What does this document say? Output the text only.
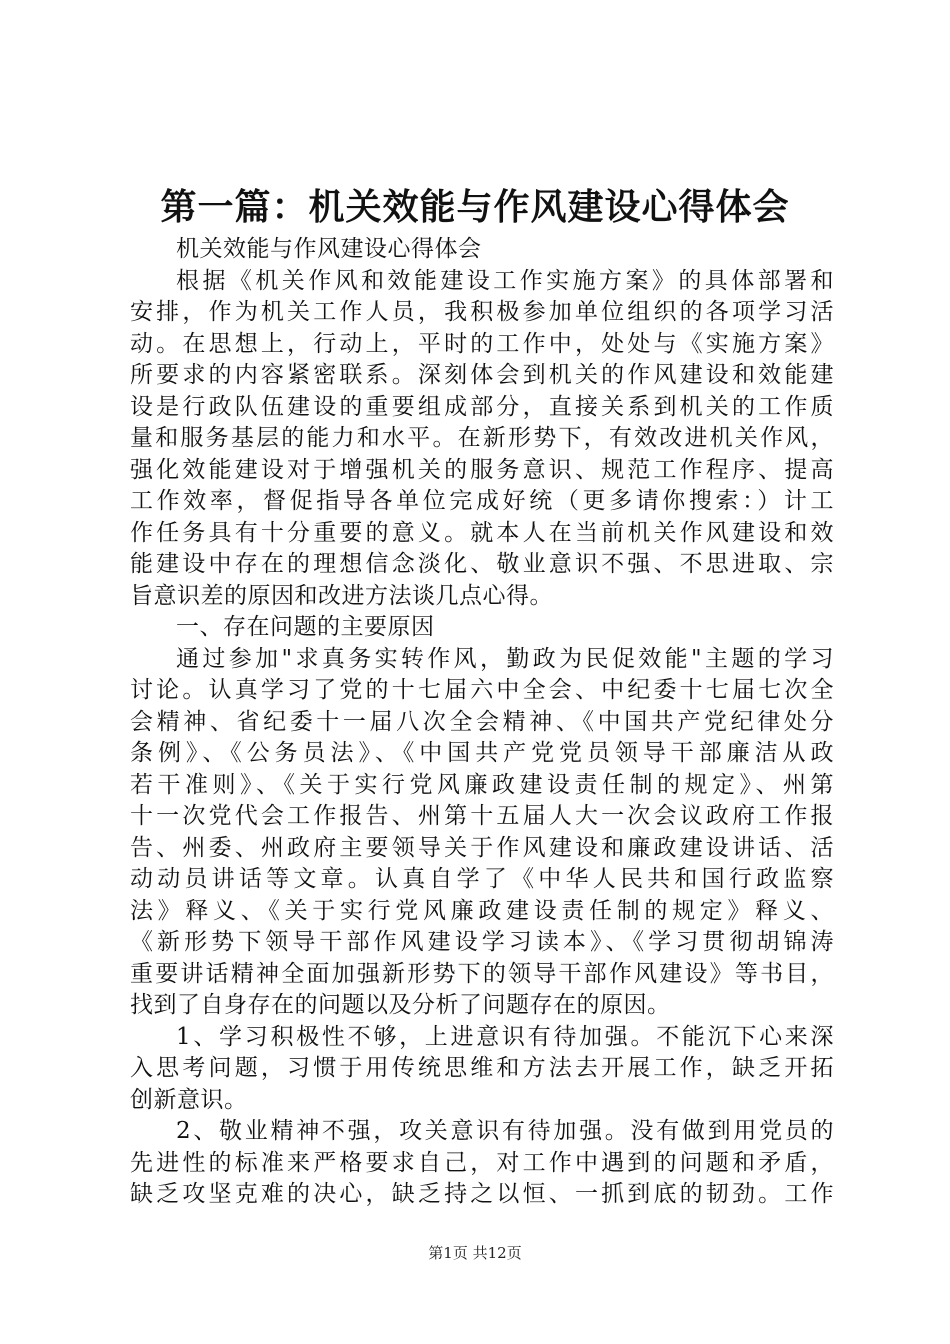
第一篇：机关效能与作风建设心得体会
机关效能与作风建设心得体会
根据《机关作风和效能建设工作实施方案》的具体部署和
安排，作为机关工作人员，我积极参加单位组织的各项学习活
动。在思想上，行动上，平时的工作中，处处与《实施方案》
所要求的内容紧密联系。深刻体会到机关的作风建设和效能建
设是行政队伍建设的重要组成部分，直接关系到机关的工作质
量和服务基层的能力和水平。在新形势下，有效改进机关作风，
强化效能建设对于增强机关的服务意识、规范工作程序、提高
工作效率，督促指导各单位完成好统（更多请你搜索：）计工
作任务具有十分重要的意义。就本人在当前机关作风建设和效
能建设中存在的理想信念淡化、敬业意识不强、不思进取、宗
旨意识差的原因和改进方法谈几点心得。
一、存在问题的主要原因
通过参加"求真务实转作风，勤政为民促效能"主题的学习
讨论。认真学习了党的十七届六中全会、中纪委十七届七次全
会精神、省纪委十一届八次全会精神、《中国共产党纪律处分
条例》、《公务员法》、《中国共产党党员领导干部廉洁从政
若干准则》、《关于实行党风廉政建设责任制的规定》、州第
十一次党代会工作报告、州第十五届人大一次会议政府工作报
告、州委、州政府主要领导关于作风建设和廉政建设讲话、活
动动员讲话等文章。认真自学了《中华人民共和国行政监察
法》释义、《关于实行党风廉政建设责任制的规定》释义、
《新形势下领导干部作风建设学习读本》、《学习贯彻胡锦涛
重要讲话精神全面加强新形势下的领导干部作风建设》等书目，
找到了自身存在的问题以及分析了问题存在的原因。
1、学习积极性不够，上进意识有待加强。不能沉下心来深
入思考问题，习惯于用传统思维和方法去开展工作，缺乏开拓
创新意识。
2、敬业精神不强，攻关意识有待加强。没有做到用党员的
先进性的标准来严格要求自己，对工作中遇到的问题和矛盾，
缺乏攻坚克难的决心，缺乏持之以恒、一抓到底的韧劲。工作
第1页 共12页
